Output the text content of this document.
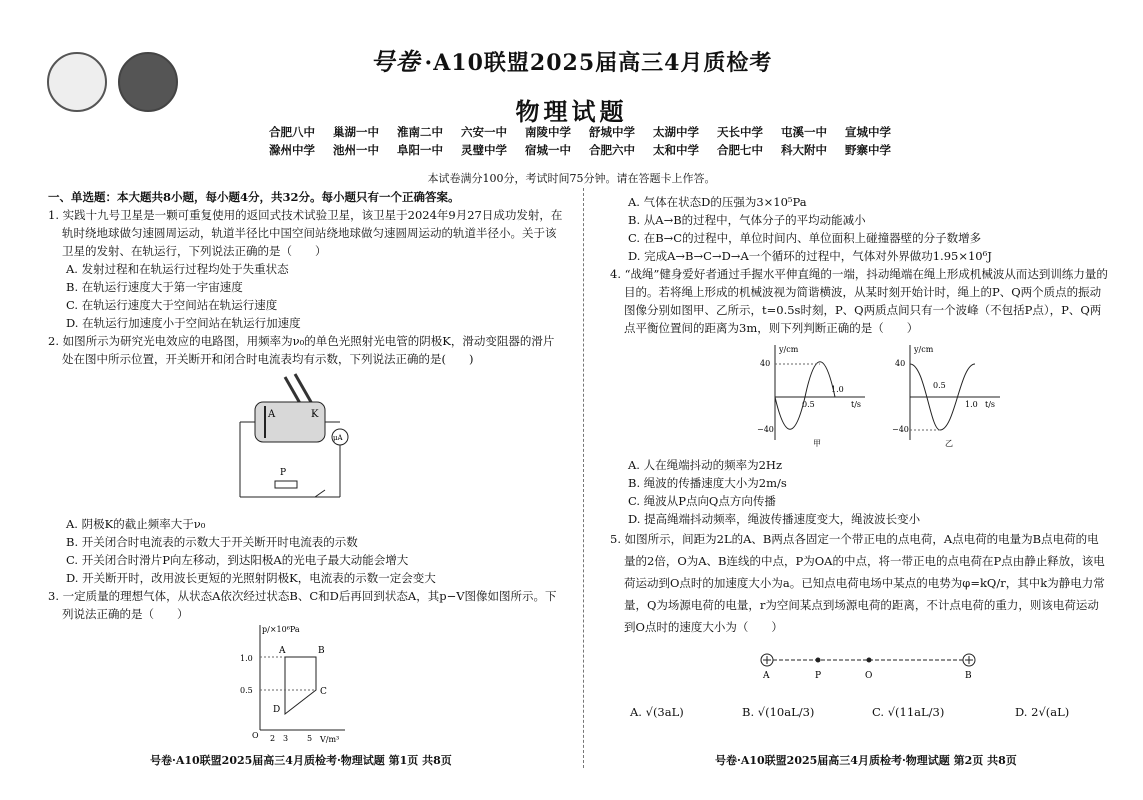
号卷 ·A10联盟2025届高三4月质检考
物理试题
合肥八中 巢湖一中 淮南二中 六安一中 南陵中学 舒城中学 太湖中学 天长中学 屯溪一中 宣城中学
滁州中学 池州一中 阜阳一中 灵璧中学 宿城一中 合肥六中 太和中学 合肥七中 科大附中 野寨中学
本试卷满分100分，考试时间75分钟。请在答题卡上作答。

一、单选题：本大题共8小题，每小题4分，共32分。每小题只有一个正确答案。

1. 实践十九号卫星是一颗可重复使用的返回式技术试验卫星，该卫星于2024年9月27日成功发射，在轨时绕地球做匀速圆周运动，轨道半径比中国空间站绕地球做匀速圆周运动的轨道半径小。关于该卫星的发射、在轨运行，下列说法正确的是（　　）

A. 发射过程和在轨运行过程均处于失重状态

B. 在轨运行速度大于第一宇宙速度

C. 在轨运行速度大于空间站在轨运行速度

D. 在轨运行加速度小于空间站在轨运行加速度

2. 如图所示为研究光电效应的电路图，用频率为ν₀的单色光照射光电管的阴极K，滑动变阻器的滑片处在图中所示位置，开关断开和闭合时电流表均有示数，下列说法正确的是(　　)

A	K
μA
P

A. 阴极K的截止频率大于ν₀

B. 开关闭合时电流表的示数大于开关断开时电流表的示数

C. 开关闭合时滑片P向左移动，到达阳极A的光电子最大动能会增大

D. 开关断开时，改用波长更短的光照射阴极K，电流表的示数一定会变大

3. 一定质量的理想气体，从状态A依次经过状态B、C和D后再回到状态A，其p−V图像如图所示。下列说法正确的是（　　）

p/×10⁶Pa
V/m³
O
1.0
0.5
2 3 5
A	B
C
D

A. 气体在状态D的压强为3×10⁵Pa

B. 从A→B的过程中，气体分子的平均动能减小

C. 在B→C的过程中，单位时间内、单位面积上碰撞器壁的分子数增多

D. 完成A→B→C→D→A一个循环的过程中，气体对外界做功1.95×10⁶J

4. “战绳”健身爱好者通过手握水平伸直绳的一端，抖动绳端在绳上形成机械波从而达到训练力量的目的。若将绳上形成的机械波视为简谐横波，从某时刻开始计时，绳上的P、Q两个质点的振动图像分别如图甲、乙所示，t=0.5s时刻，P、Q两质点间只有一个波峰（不包括P点），P、Q两点平衡位置间的距离为3m，则下列判断正确的是（　　）

y/cm
t/s
40
−40
0.5
1.0
甲
y/cm
t/s
40
−40
0.5
1.0
乙

A. 人在绳端抖动的频率为2Hz

B. 绳波的传播速度大小为2m/s

C. 绳波从P点向Q点方向传播

D. 提高绳端抖动频率，绳波传播速度变大，绳波波长变小

5. 如图所示，间距为2L的A、B两点各固定一个带正电的点电荷，A点电荷的电量为B点电荷的电量的2倍，O为A、B连线的中点，P为OA的中点，将一带正电的点电荷在P点由静止释放，该电荷运动到O点时的加速度大小为a。已知点电荷电场中某点的电势为φ=kQ/r，其中k为静电力常量，Q为场源电荷的电量，r为空间某点到场源电荷的距离，不计点电荷的重力，则该电荷运动到O点时的速度大小为（　　）

A	P	O	B
A. √(3aL)	B. √(10aL/3)	C. √(11aL/3)	D. 2√(aL)
号卷·A10联盟2025届高三4月质检考·物理试题 第1页 共8页	号卷·A10联盟2025届高三4月质检考·物理试题 第2页 共8页
